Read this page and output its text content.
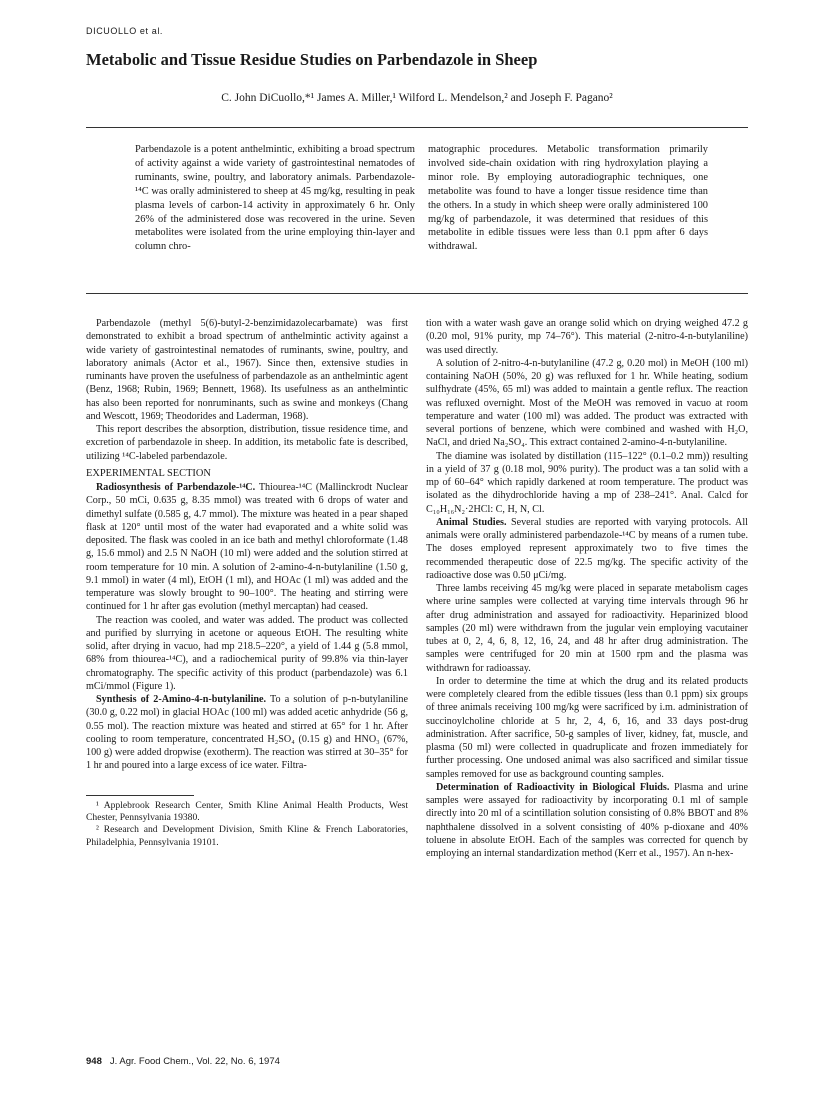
DICUOLLO et al.
Metabolic and Tissue Residue Studies on Parbendazole in Sheep
C. John DiCuollo,*¹ James A. Miller,¹ Wilford L. Mendelson,² and Joseph F. Pagano²
Parbendazole is a potent anthelmintic, exhibiting a broad spectrum of activity against a wide variety of gastrointestinal nematodes of ruminants, swine, poultry, and laboratory animals. Parbendazole-¹⁴C was orally administered to sheep at 45 mg/kg, resulting in peak plasma levels of carbon-14 activity in approximately 6 hr. Only 26% of the administered dose was recovered in the urine. Seven metabolites were isolated from the urine employing thin-layer and column chro-
matographic procedures. Metabolic transformation primarily involved side-chain oxidation with ring hydroxylation playing a minor role. By employing autoradiographic techniques, one metabolite was found to have a longer tissue residence time than the others. In a study in which sheep were orally administered 100 mg/kg of parbendazole, it was determined that residues of this metabolite in edible tissues were less than 0.1 ppm after 6 days withdrawal.

Parbendazole (methyl 5(6)-butyl-2-benzimidazolecarbamate) was first demonstrated to exhibit a broad spectrum of anthelmintic activity against a wide variety of gastrointestinal nematodes of ruminants, swine, poultry, and laboratory animals (Actor et al., 1967). Since then, extensive studies in ruminants have proven the usefulness of parbendazole as an anthelmintic agent (Benz, 1968; Rubin, 1969; Bennett, 1968). Its usefulness as an anthelmintic has also been reported for nonruminants, such as swine and monkeys (Chang and Wescott, 1969; Theodorides and Laderman, 1968).

This report describes the absorption, distribution, tissue residence time, and excretion of parbendazole in sheep. In addition, its metabolic fate is described, utilizing ¹⁴C-labeled parbendazole.

EXPERIMENTAL SECTION

Radiosynthesis of Parbendazole-¹⁴C. Thiourea-¹⁴C (Mallinckrodt Nuclear Corp., 50 mCi, 0.635 g, 8.35 mmol) was treated with 6 drops of water and dimethyl sulfate (0.585 g, 4.7 mmol). The mixture was heated in a pear shaped flask at 120° until most of the water had evaporated and a white solid was deposited. The flask was cooled in an ice bath and methyl chloroformate (1.48 g, 15.6 mmol) and 2.5 N NaOH (10 ml) were added and the solution stirred at room temperature for 10 min. A solution of 2-amino-4-n-butylaniline (1.50 g, 9.1 mmol) in water (4 ml), EtOH (1 ml), and HOAc (1 ml) was added and the temperature was slowly brought to 90–100°. The heating and stirring were continued for 1 hr after gas evolution (methyl mercaptan) had ceased.

The reaction was cooled, and water was added. The product was collected and purified by slurrying in acetone or aqueous EtOH. The resulting white solid, after drying in vacuo, had mp 218.5–220°, a yield of 1.44 g (5.8 mmol, 68% from thiourea-¹⁴C), and a radiochemical purity of 99.8% via thin-layer chromatography. The specific activity of this product (parbendazole) was 6.1 mCi/mmol (Figure 1).

Synthesis of 2-Amino-4-n-butylaniline. To a solution of p-n-butylaniline (30.0 g, 0.22 mol) in glacial HOAc (100 ml) was added acetic anhydride (56 g, 0.55 mol). The reaction mixture was heated and stirred at 65° for 1 hr. After cooling to room temperature, concentrated H₂SO₄ (0.15 g) and HNO₃ (67%, 100 g) were added dropwise (exotherm). The reaction was stirred at 30–35° for 1 hr and poured into a large excess of ice water. Filtra-

¹ Applebrook Research Center, Smith Kline Animal Health Products, West Chester, Pennsylvania 19380.

² Research and Development Division, Smith Kline & French Laboratories, Philadelphia, Pennsylvania 19101.

tion with a water wash gave an orange solid which on drying weighed 47.2 g (0.20 mol, 91% purity, mp 74–76°). This material (2-nitro-4-n-butylaniline) was used directly.

A solution of 2-nitro-4-n-butylaniline (47.2 g, 0.20 mol) in MeOH (100 ml) containing NaOH (50%, 20 g) was refluxed for 1 hr. While heating, sodium sulfhydrate (45%, 65 ml) was added to maintain a gentle reflux. The reaction was refluxed overnight. Most of the MeOH was removed in vacuo at room temperature and water (100 ml) was added. The product was extracted with several portions of benzene, which were combined and washed with H₂O, NaCl, and dried Na₂SO₄. This extract contained 2-amino-4-n-butylaniline.

The diamine was isolated by distillation (115–122° (0.1–0.2 mm)) resulting in a yield of 37 g (0.18 mol, 90% purity). The product was a tan solid with a mp of 60–64° which rapidly darkened at room temperature. The product was isolated as the dihydrochloride having a mp of 238–241°. Anal. Calcd for C₁₀H₁₆N₂·2HCl: C, H, N, Cl.

Animal Studies. Several studies are reported with varying protocols. All animals were orally administered parbendazole-¹⁴C by means of a rumen tube. The doses employed represent approximately two to five times the recommended therapeutic dose of 22.5 mg/kg. The specific activity of the radioactive dose was 0.50 μCi/mg.

Three lambs receiving 45 mg/kg were placed in separate metabolism cages where urine samples were collected at varying time intervals through 96 hr after drug administration and assayed for radioactivity. Heparinized blood samples (20 ml) were withdrawn from the jugular vein employing vacutainer tubes at 0, 2, 4, 6, 8, 12, 16, 24, and 48 hr after drug administration. The samples were centrifuged for 20 min at 1500 rpm and the plasma was withdrawn for radioassay.

In order to determine the time at which the drug and its related products were completely cleared from the edible tissues (less than 0.1 ppm) six groups of three animals receiving 100 mg/kg were sacrificed by i.m. administration of succinoylcholine chloride at 5 hr, 2, 4, 6, 16, and 33 days post-drug administration. After sacrifice, 50-g samples of liver, kidney, fat, muscle, and plasma (50 ml) were collected in quadruplicate and frozen immediately for further processing. One undosed animal was also sacrificed and similar tissue samples removed for use as background counting samples.

Determination of Radioactivity in Biological Fluids. Plasma and urine samples were assayed for radioactivity by incorporating 0.1 ml of sample directly into 20 ml of a scintillation solution consisting of 0.8% BBOT and 8% naphthalene dissolved in a solvent consisting of 40% p-dioxane and 40% toluene in absolute EtOH. Each of the samples was corrected for quench by employing an internal standardization method (Kerr et al., 1957). An n-hex-

948 J. Agr. Food Chem., Vol. 22, No. 6, 1974
